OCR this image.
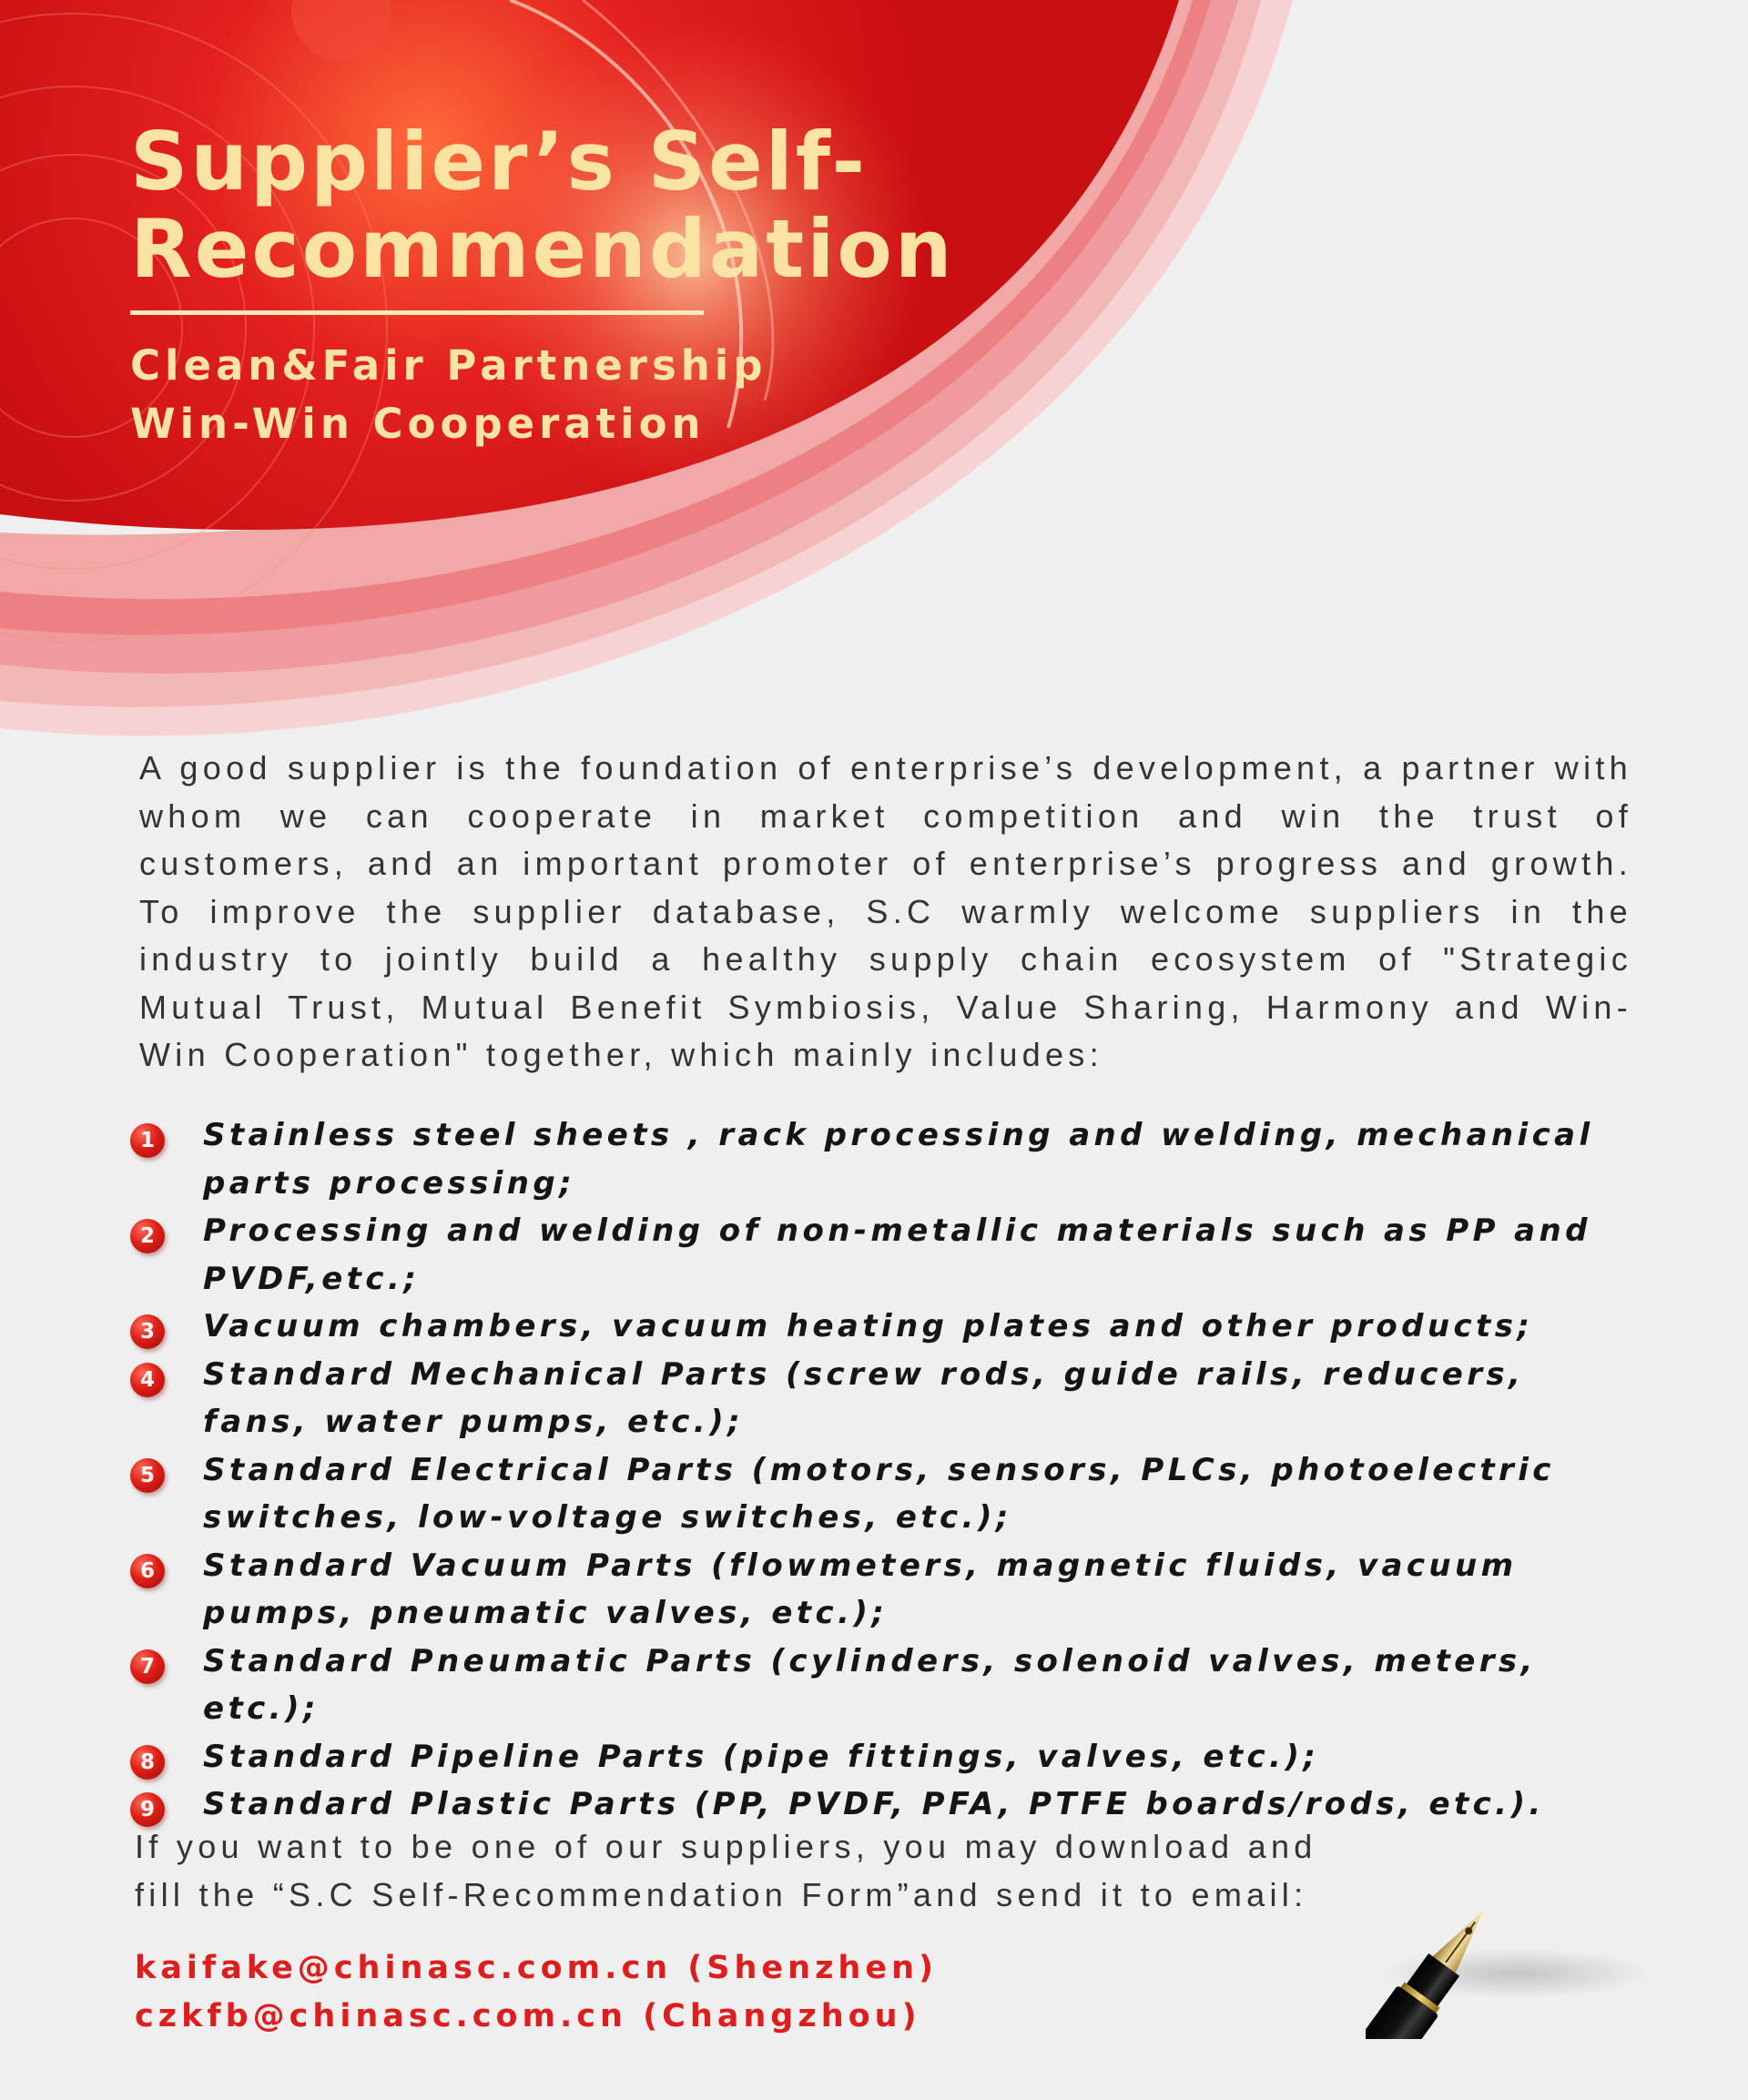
Supplier’s Self-
Recommendation
Clean&Fair Partnership
Win-Win Cooperation

A good supplier is the foundation of enterprise’s development, a partner with whom we can cooperate in market competition and win the trust of customers, and an important promoter of enterprise’s progress and growth. To improve the supplier database, S.C warmly welcome suppliers in the industry to jointly build a healthy supply chain ecosystem of "Strategic Mutual Trust, Mutual Benefit Symbiosis, Value Sharing, Harmony and Win-Win Cooperation" together, which mainly includes:

1	Stainless steel sheets , rack processing and welding, mechanical parts processing;
2	Processing and welding of non-metallic materials such as PP and PVDF,etc.;
3	Vacuum chambers, vacuum heating plates and other products;
4	Standard Mechanical Parts (screw rods, guide rails, reducers, fans, water pumps, etc.);
5	Standard Electrical Parts (motors, sensors, PLCs, photoelectric switches, low-voltage switches, etc.);
6	Standard Vacuum Parts (flowmeters, magnetic fluids, vacuum pumps, pneumatic valves, etc.);
7	Standard Pneumatic Parts (cylinders, solenoid valves, meters, etc.);
8	Standard Pipeline Parts (pipe fittings, valves, etc.);
9	Standard Plastic Parts (PP, PVDF, PFA, PTFE boards/rods, etc.).

If you want to be one of our suppliers, you may download and
fill the “S.C Self-Recommendation Form”and send it to email:

kaifake@chinasc.com.cn (Shenzhen)
czkfb@chinasc.com.cn (Changzhou)
